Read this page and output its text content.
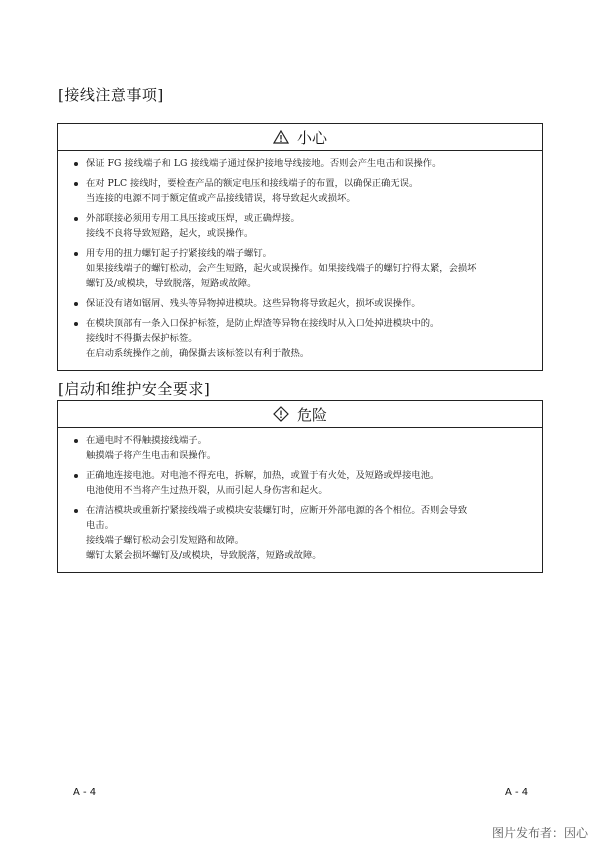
[接线注意事项]
小心
保证 FG 接线端子和 LG 接线端子通过保护接地导线接地。否则会产生电击和误操作。
在对 PLC 接线时，要检查产品的额定电压和接线端子的布置，以确保正确无误。
当连接的电源不同于额定值或产品接线错误，将导致起火或损坏。
外部联接必须用专用工具压接或压焊，或正确焊接。
接线不良将导致短路，起火，或误操作。
用专用的扭力螺钉起子拧紧接线的端子螺钉。
如果接线端子的螺钉松动，会产生短路，起火或误操作。如果接线端子的螺钉拧得太紧，会损坏
螺钉及/或模块，导致脱落，短路或故障。
保证没有诸如锯屑、残头等异物掉进模块。这些异物将导致起火，损坏或误操作。
在模块顶部有一条入口保护标签，是防止焊渣等异物在接线时从入口处掉进模块中的。
接线时不得撕去保护标签。
在启动系统操作之前，确保撕去该标签以有利于散热。
[启动和维护安全要求]
危险
在通电时不得触摸接线端子。
触摸端子将产生电击和误操作。
正确地连接电池。对电池不得充电，拆解，加热，或置于有火处，及短路或焊接电池。
电池使用不当将产生过热开裂，从而引起人身伤害和起火。
在清洁模块或重新拧紧接线端子或模块安装螺钉时，应断开外部电源的各个相位。否则会导致
电击。
接线端子螺钉松动会引发短路和故障。
螺钉太紧会损坏螺钉及/或模块，导致脱落，短路或故障。
A - 4	A - 4
图片发布者：因心
